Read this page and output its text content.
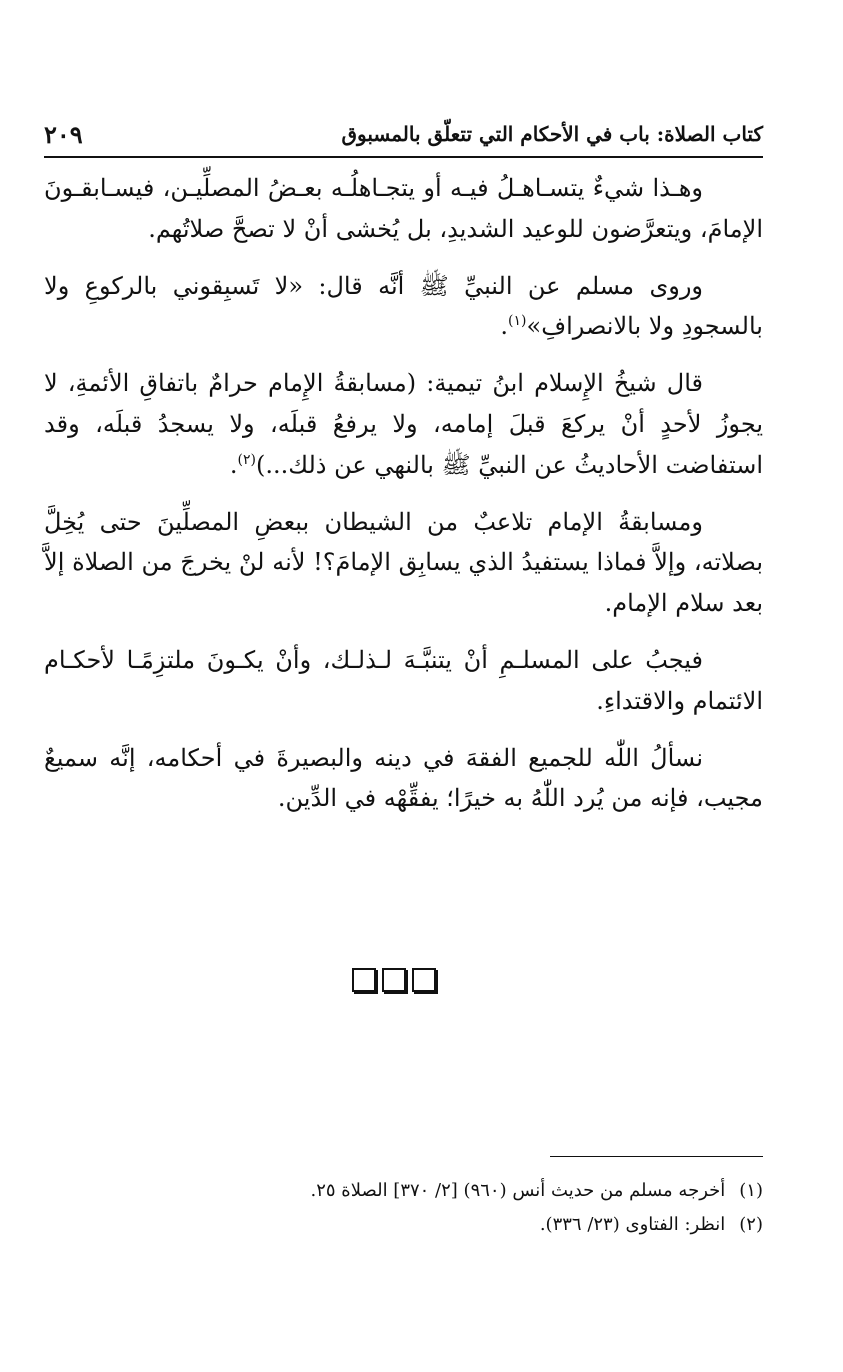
كتاب الصلاة: باب في الأحكام التي تتعلّق بالمسبوق
٢٠٩

وهـذا شيءٌ يتسـاهـلُ فيـه أو يتجـاهلُـه بعـضُ المصلِّيـن، فيسـابقـونَ الإمامَ، ويتعرَّضون للوعيد الشديدِ، بل يُخشى أنْ لا تصحَّ صلاتُهم.

وروى مسلم عن النبيِّ ﷺ أنَّه قال: «لا تَسبِقوني بالركوعِ ولا بالسجودِ ولا بالانصرافِ»$^{(١)}$.

قال شيخُ الإِسلام ابنُ تيمية: (مسابقةُ الإِمام حرامٌ باتفاقِ الأئمةِ، لا يجوزُ لأحدٍ أنْ يركعَ قبلَ إمامه، ولا يرفعُ قبلَه، ولا يسجدُ قبلَه، وقد استفاضت الأحاديثُ عن النبيِّ ﷺ بالنهي عن ذلك...)$^{(٢)}$.

ومسابقةُ الإمام تلاعبٌ من الشيطان ببعضِ المصلِّينَ حتى يُخِلَّ بصلاته، وإلاَّ فماذا يستفيدُ الذي يسابِق الإمامَ؟! لأنه لنْ يخرجَ من الصلاة إلاَّ بعد سلام الإمام.

فيجبُ على المسلـمِ أنْ يتنبَّـهَ لـذلـك، وأنْ يكـونَ ملتزِمًـا لأحكـام الائتمام والاقتداءِ.

نسألُ اللّٰه للجميع الفقهَ في دينه والبصيرةَ في أحكامه، إنَّه سميعٌ مجيب، فإنه من يُرد اللّٰهُ به خيرًا؛ يفقِّهْه في الدِّين.

(١)
أخرجه مسلم من حديث أنس (٩٦٠) [٢/ ٣٧٠] الصلاة ٢٥.
(٢)
انظر: الفتاوى (٢٣/ ٣٣٦).
